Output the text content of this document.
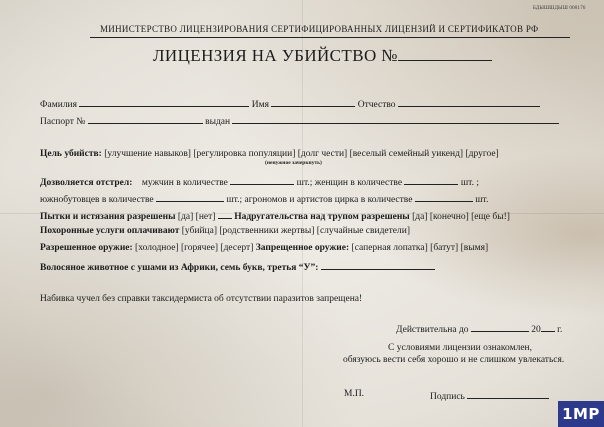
БДЫШШДЫШ 000176
МИНИСТЕРСТВО ЛИЦЕНЗИРОВАНИЯ СЕРТИФИЦИРОВАННЫХ ЛИЦЕНЗИЙ И СЕРТИФИКАТОВ РФ
ЛИЦЕНЗИЯ НА УБИЙСТВО №
Фамилия	Имя	Отчество
Паспорт №	выдан
Цель убийств: [улучшение навыков] [регулировка популяции] [долг чести] [веселый семейный уикенд] [другое]
(ненужное зачеркнуть)
Дозволяется отстрел: мужчин в количестве	шт.; женщин в количестве	шт. ;
южнобутовцев в количестве	шт.; агрономов и артистов цирка в количестве	шт.
Пытки и истязания разрешены [да] [нет] Надругательства над трупом разрешены [да] [конечно] [еще бы!]
Похоронные услуги оплачивают [убийца] [родственники жертвы] [случайные свидетели]
Разрешенное оружие: [холодное] [горячее] [десерт] Запрещенное оружие: [саперная лопатка] [батут] [вымя]
Волосяное животное с ушами из Африки, семь букв, третья “У”:
Набивка чучел без справки таксидермиста об отсутствии паразитов запрещена!
Действительна до	20 г.
С условиями лицензии ознакомлен,
обязуюсь вести себя хорошо и не слишком увлекаться.
М.П.	Подпись
1MP
